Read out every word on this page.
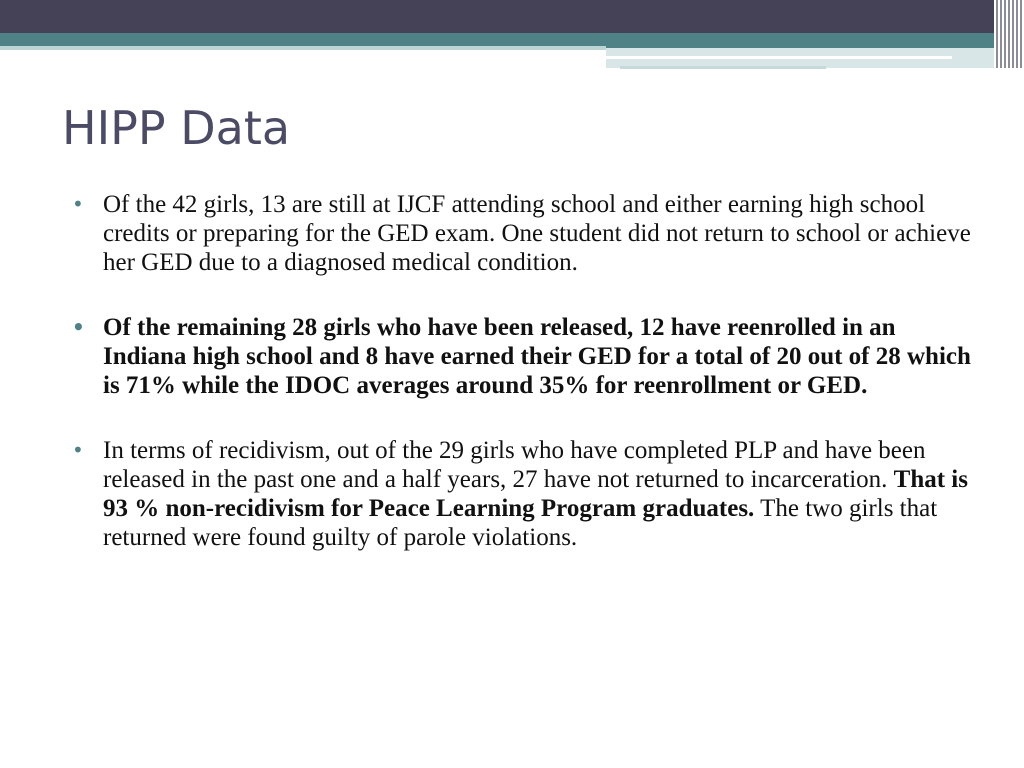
HIPP Data
• Of the 42 girls, 13 are still at IJCF attending school and either earning high school credits or preparing for the GED exam. One student did not return to school or achieve her GED due to a diagnosed medical condition.
• Of the remaining 28 girls who have been released, 12 have reenrolled in an Indiana high school and 8 have earned their GED for a total of 20 out of 28 which is 71% while the IDOC averages around 35% for reenrollment or GED.
• In terms of recidivism, out of the 29 girls who have completed PLP and have been released in the past one and a half years, 27 have not returned to incarceration. That is 93 % non-recidivism for Peace Learning Program graduates. The two girls that returned were found guilty of parole violations.
